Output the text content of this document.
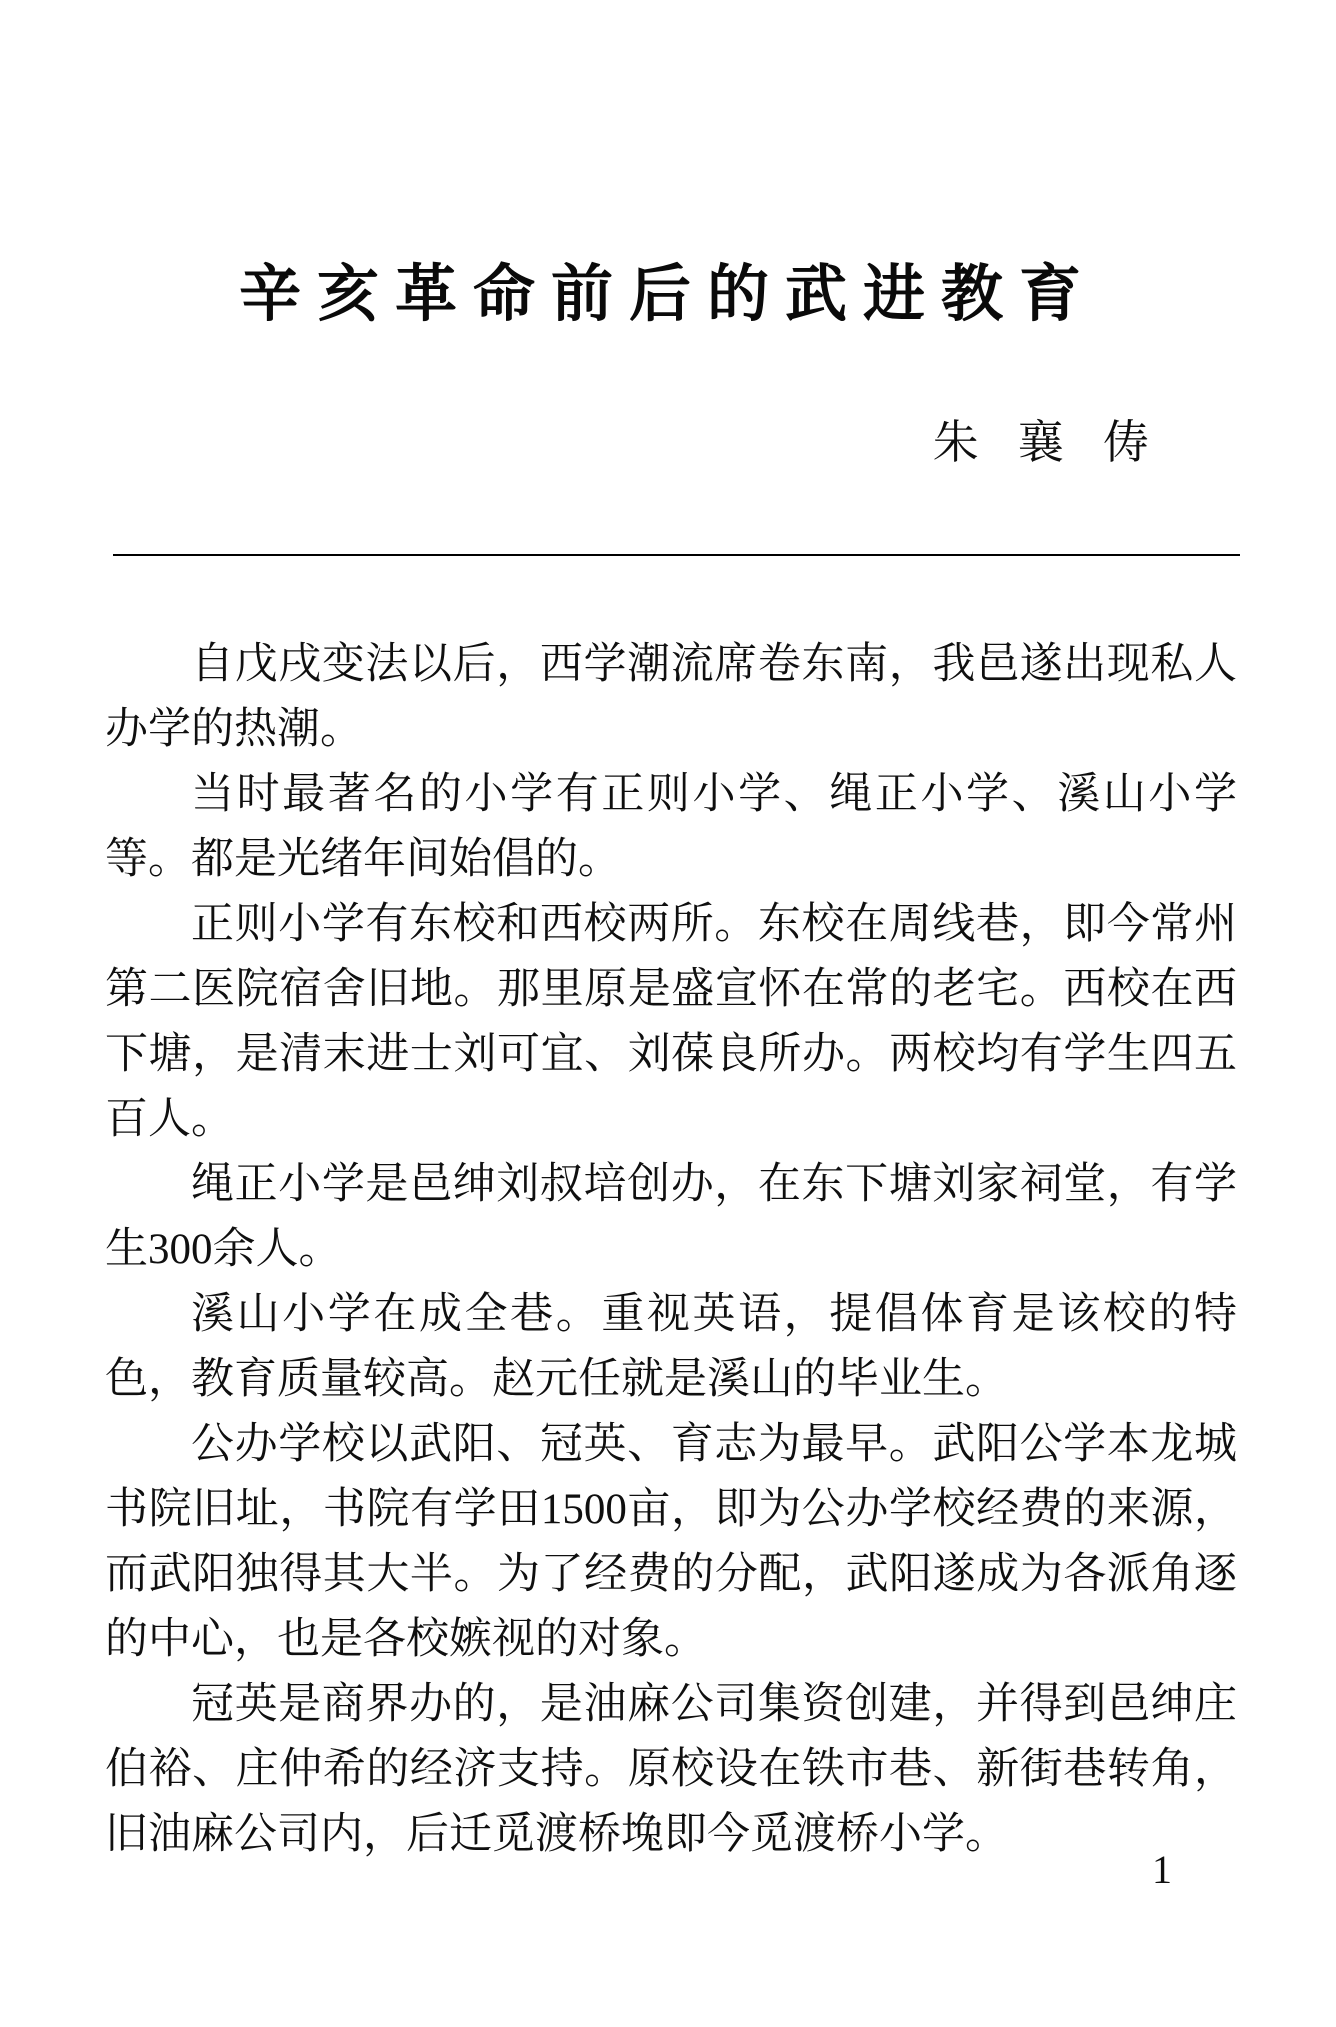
辛亥革命前后的武进教育
朱襄俦

自戊戌变法以后，西学潮流席卷东南，我邑遂出现私人办学的热潮。

当时最著名的小学有正则小学、绳正小学、溪山小学等。都是光绪年间始倡的。

正则小学有东校和西校两所。东校在周线巷，即今常州第二医院宿舍旧地。那里原是盛宣怀在常的老宅。西校在西下塘，是清末进士刘可宜、刘葆良所办。两校均有学生四五百人。

绳正小学是邑绅刘叔培创办，在东下塘刘家祠堂，有学生300余人。

溪山小学在成全巷。重视英语，提倡体育是该校的特色，教育质量较高。赵元任就是溪山的毕业生。

公办学校以武阳、冠英、育志为最早。武阳公学本龙城书院旧址，书院有学田1500亩，即为公办学校经费的来源，而武阳独得其大半。为了经费的分配，武阳遂成为各派角逐的中心，也是各校嫉视的对象。

冠英是商界办的，是油麻公司集资创建，并得到邑绅庄伯裕、庄仲希的经济支持。原校设在铁市巷、新街巷转角，旧油麻公司内，后迁觅渡桥堍即今觅渡桥小学。

1
